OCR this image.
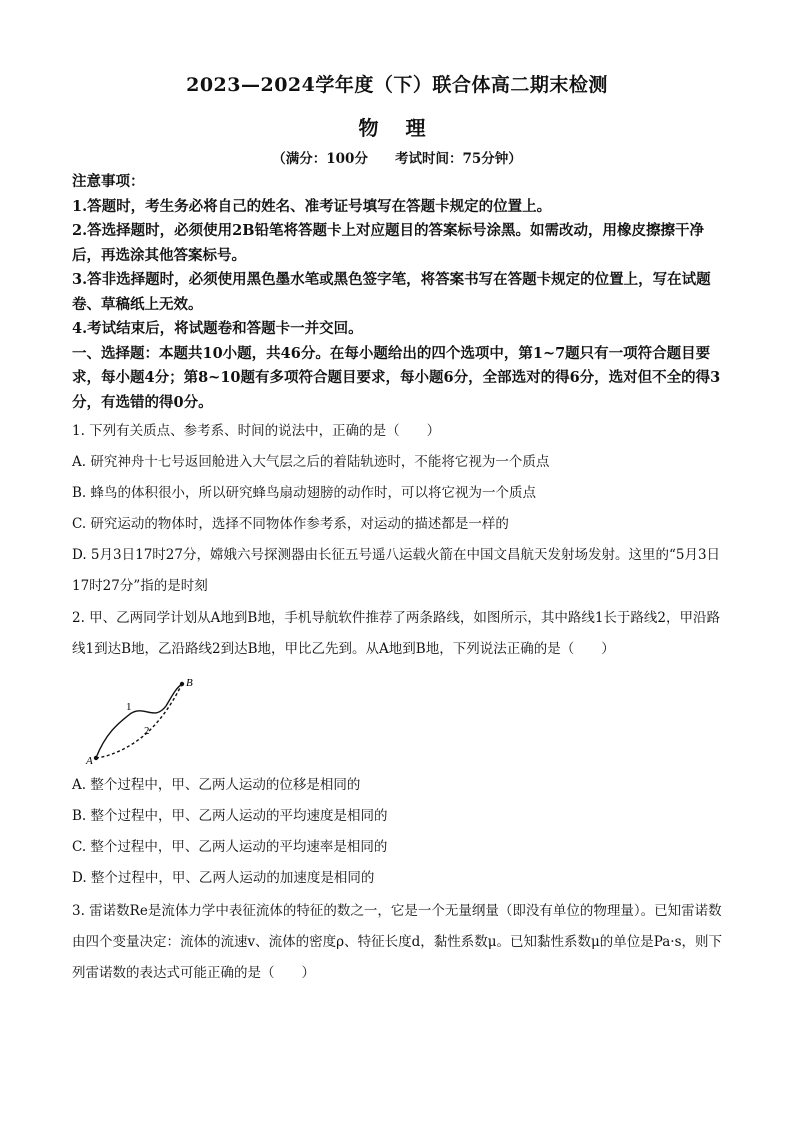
2023—2024学年度（下）联合体高二期末检测
物 理
（满分：100分　　考试时间：75分钟）

注意事项：

1.答题时，考生务必将自己的姓名、准考证号填写在答题卡规定的位置上。

2.答选择题时，必须使用2B铅笔将答题卡上对应题目的答案标号涂黑。如需改动，用橡皮擦擦干净后，再选涂其他答案标号。

3.答非选择题时，必须使用黑色墨水笔或黑色签字笔，将答案书写在答题卡规定的位置上，写在试题卷、草稿纸上无效。

4.考试结束后，将试题卷和答题卡一并交回。

一、选择题：本题共10小题，共46分。在每小题给出的四个选项中，第1~7题只有一项符合题目要求，每小题4分；第8~10题有多项符合题目要求，每小题6分，全部选对的得6分，选对但不全的得3分，有选错的得0分。

1. 下列有关质点、参考系、时间的说法中，正确的是（　　）

A. 研究神舟十七号返回舱进入大气层之后的着陆轨迹时，不能将它视为一个质点

B. 蜂鸟的体积很小，所以研究蜂鸟扇动翅膀的动作时，可以将它视为一个质点

C. 研究运动的物体时，选择不同物体作参考系，对运动的描述都是一样的

D. 5月3日17时27分，嫦娥六号探测器由长征五号遥八运载火箭在中国文昌航天发射场发射。这里的“5月3日17时27分”指的是时刻

2. 甲、乙两同学计划从A地到B地，手机导航软件推荐了两条路线，如图所示，其中路线1长于路线2，甲沿路线1到达B地，乙沿路线2到达B地，甲比乙先到。从A地到B地，下列说法正确的是（　　）

A
B
1
2

A. 整个过程中，甲、乙两人运动的位移是相同的

B. 整个过程中，甲、乙两人运动的平均速度是相同的

C. 整个过程中，甲、乙两人运动的平均速率是相同的

D. 整个过程中，甲、乙两人运动的加速度是相同的

3. 雷诺数Re是流体力学中表征流体的特征的数之一，它是一个无量纲量（即没有单位的物理量）。已知雷诺数由四个变量决定：流体的流速v、流体的密度ρ、特征长度d，黏性系数μ。已知黏性系数μ的单位是Pa·s，则下列雷诺数的表达式可能正确的是（　　）
